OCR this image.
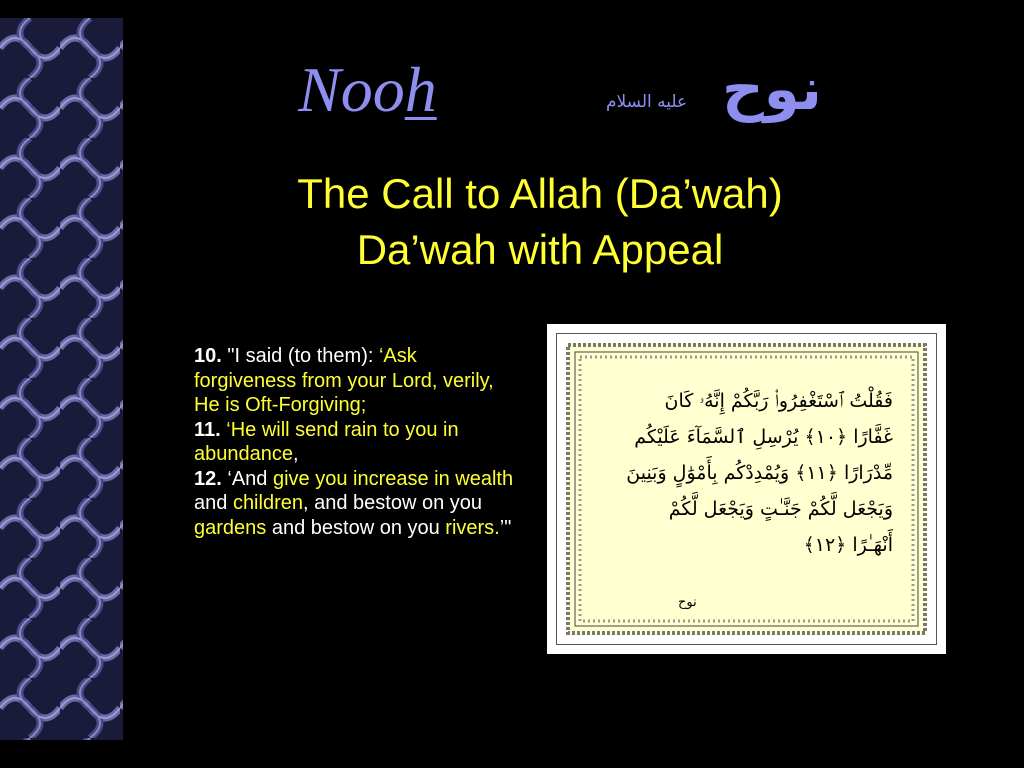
Nooh	عليه السلام نوح
The Call to Allah (Da’wah)
Da’wah with Appeal
10. "I said (to them): ‘Ask forgiveness from your Lord, verily, He is Oft-Forgiving;
11. ‘He will send rain to you in abundance,
12. ‘And give you increase in wealth and children, and bestow on you gardens and bestow on you rivers.’"
فَقُلْتُ ٱسْتَغْفِرُوا۟ رَبَّكُمْ إِنَّهُۥ كَانَ
غَفَّارًا ﴿١٠﴾ يُرْسِلِ ٱلسَّمَآءَ عَلَيْكُم
مِّدْرَارًا ﴿١١﴾ وَيُمْدِدْكُم بِأَمْوَٰلٍ وَبَنِينَ
وَيَجْعَل لَّكُمْ جَنَّـٰتٍ وَيَجْعَل لَّكُمْ
أَنْهَـٰرًا ﴿١٢﴾
نوح
